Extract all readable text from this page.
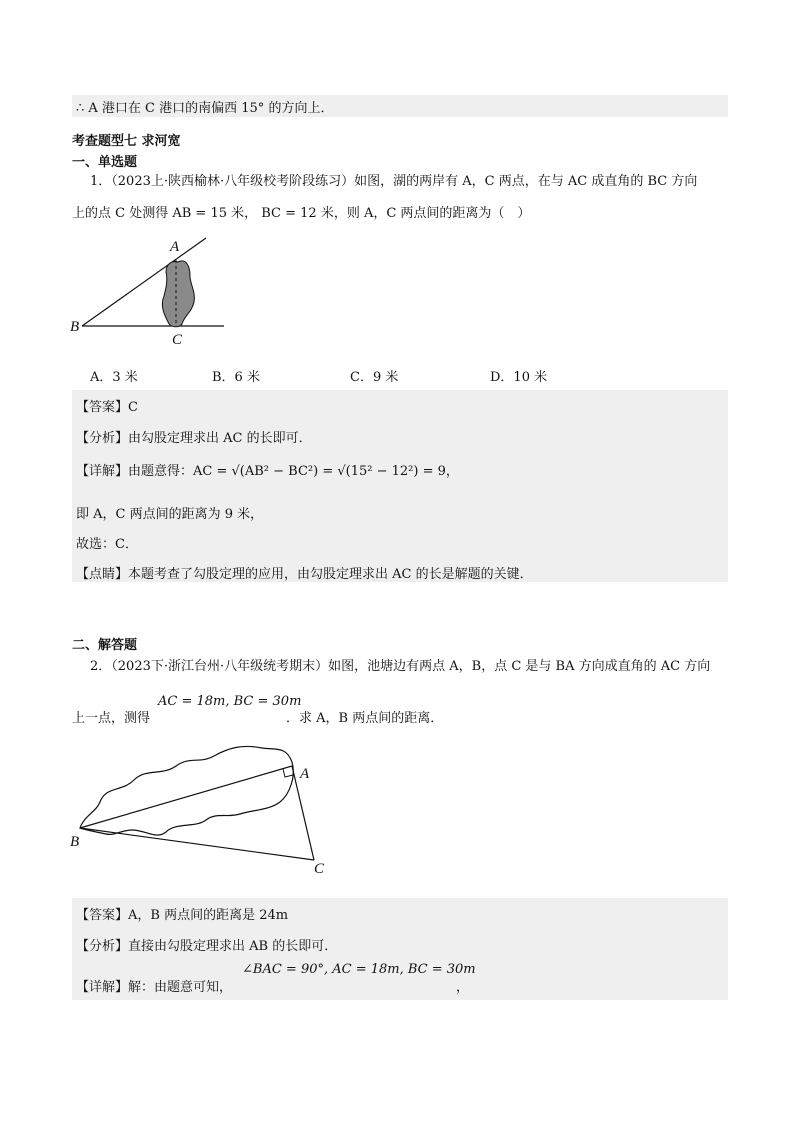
∴ A 港口在 C 港口的南偏西 15° 的方向上．
考查题型七 求河宽
一、单选题
1．（2023上·陕西榆林·八年级校考阶段练习）如图，湖的两岸有 A，C 两点，在与 AC 成直角的 BC 方向
上的点 C 处测得 AB = 15 米， BC = 12 米，则 A，C 两点间的距离为（　）
A
B
C
A．3 米	B．6 米	C．9 米	D．10 米
【答案】C
【分析】由勾股定理求出 AC 的长即可．
【详解】由题意得：AC = √(AB² − BC²) = √(15² − 12²) = 9，
即 A，C 两点间的距离为 9 米，
故选：C．
【点睛】本题考查了勾股定理的应用，由勾股定理求出 AC 的长是解题的关键．
二、解答题
2．（2023下·浙江台州·八年级统考期末）如图，池塘边有两点 A，B，点 C 是与 BA 方向成直角的 AC 方向
上一点，测得
AC = 18m, BC = 30m
．求 A，B 两点间的距离．
A
B
C
【答案】A，B 两点间的距离是 24m
【分析】直接由勾股定理求出 AB 的长即可．
【详解】解：由题意可知，
∠BAC = 90°, AC = 18m, BC = 30m
，
